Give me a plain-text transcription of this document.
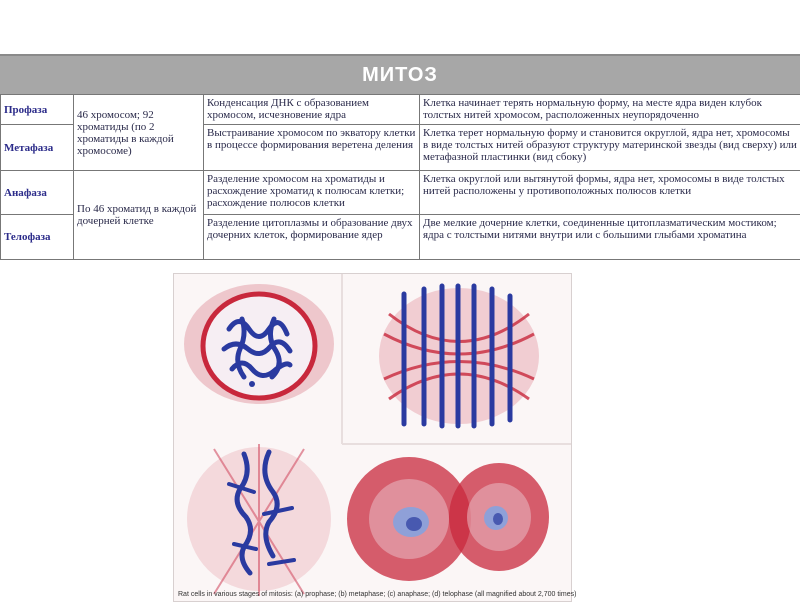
МИТОЗ
Профаза	46 хромосом; 92 хроматиды (по 2 хроматиды в каждой хромосоме)	Конденсация ДНК с образованием хромосом, исчезновение ядра	Клетка начинает терять нормальную форму, на месте ядра виден клубок толстых нитей хромосом, расположенных неупорядоченно
Метафаза		Выстраивание хромосом по экватору клетки в процессе формирования веретена деления	Клетка терет нормальную форму и становится округлой, ядра нет, хромосомы в виде толстых нитей образуют структуру материнской звезды (вид сверху) или метафазной пластинки (вид сбоку)
Анафаза	По 46 хроматид в каждой дочерней клетке	Разделение хромосом на хроматиды и расхождение хроматид к полюсам клетки; расхождение полюсов клетки	Клетка округлой или вытянутой формы, ядра нет, хромосомы в виде толстых нитей расположены у противоположных полюсов клетки
Телофаза		Разделение цитоплазмы и образование двух дочерних клеток, формирование ядер	Две мелкие дочерние клетки, соединенные цитоплазматическим мостиком; ядра с толстыми нитями внутри или с большими глыбами хроматина
Rat cells in various stages of mitosis: (a) prophase; (b) metaphase; (c) anaphase; (d) telophase (all magnified about 2,700 times)
